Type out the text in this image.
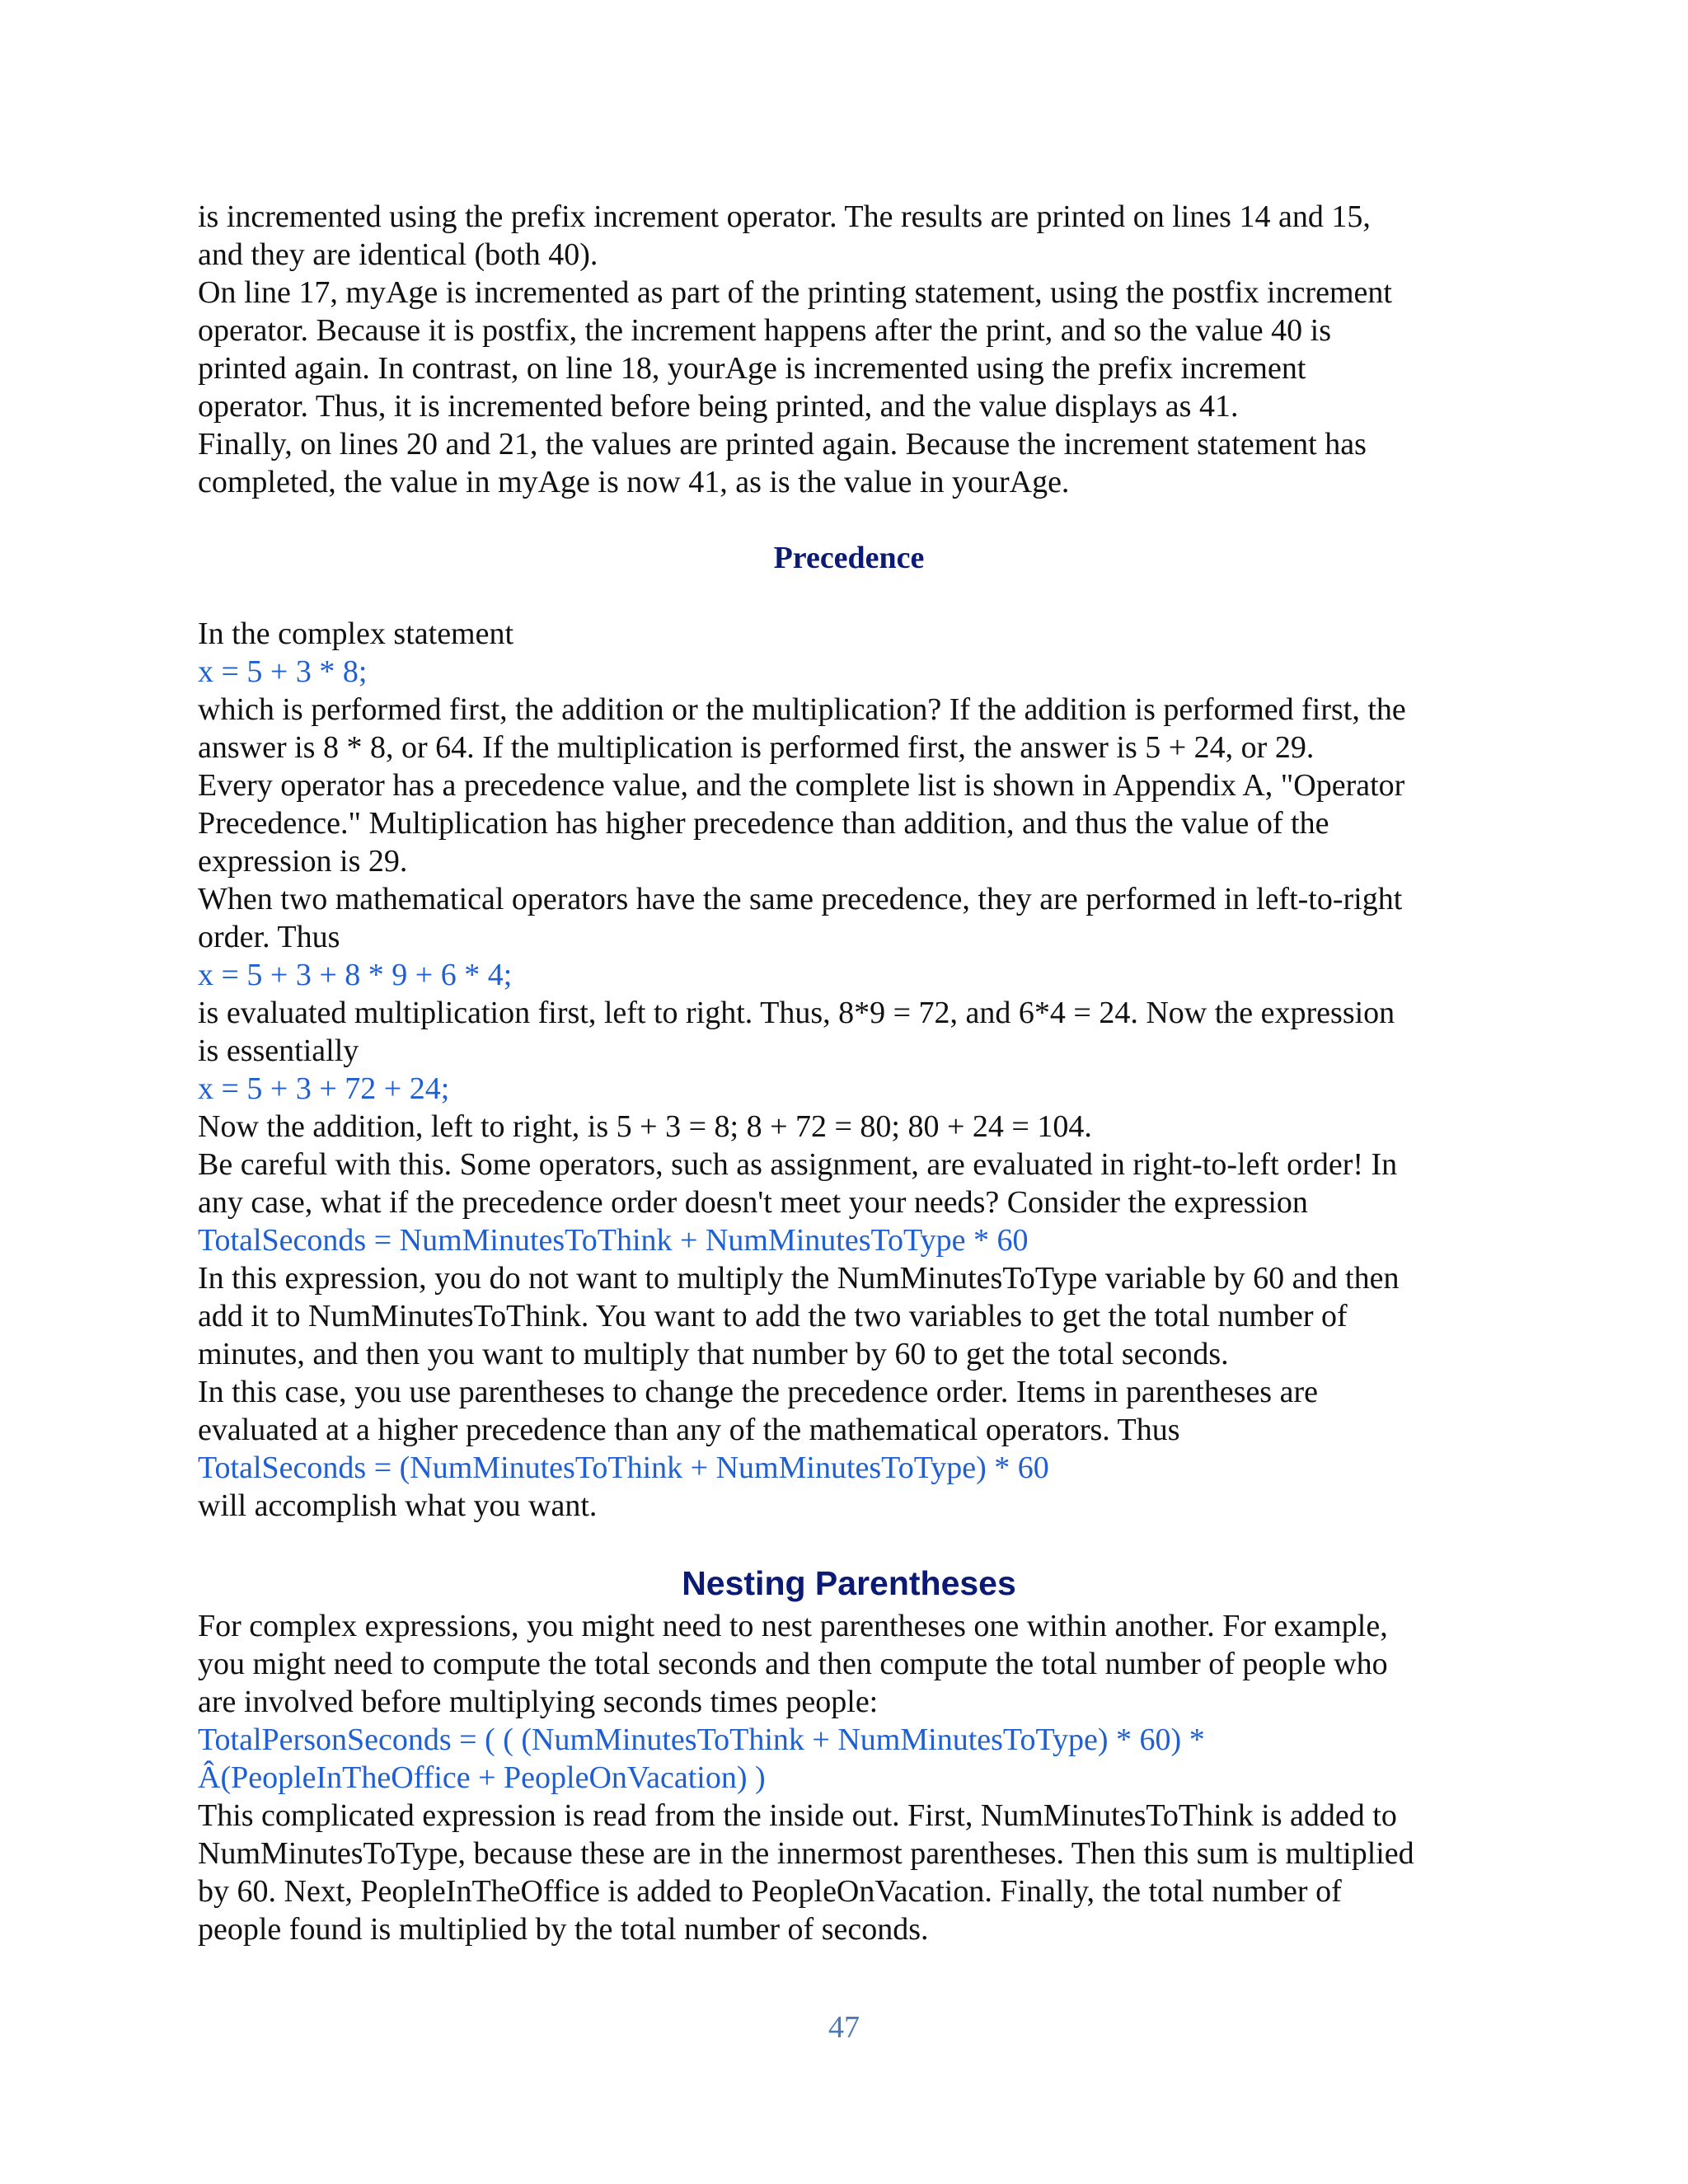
is incremented using the prefix increment operator. The results are printed on lines 14 and 15,
and they are identical (both 40).
On line 17, myAge is incremented as part of the printing statement, using the postfix increment
operator. Because it is postfix, the increment happens after the print, and so the value 40 is
printed again. In contrast, on line 18, yourAge is incremented using the prefix increment
operator. Thus, it is incremented before being printed, and the value displays as 41.
Finally, on lines 20 and 21, the values are printed again. Because the increment statement has
completed, the value in myAge is now 41, as is the value in yourAge.
Precedence
In the complex statement
x = 5 + 3 * 8;
which is performed first, the addition or the multiplication? If the addition is performed first, the
answer is 8 * 8, or 64. If the multiplication is performed first, the answer is 5 + 24, or 29.
Every operator has a precedence value, and the complete list is shown in Appendix A, "Operator
Precedence." Multiplication has higher precedence than addition, and thus the value of the
expression is 29.
When two mathematical operators have the same precedence, they are performed in left-to-right
order. Thus
x = 5 + 3 + 8 * 9 + 6 * 4;
is evaluated multiplication first, left to right. Thus, 8*9 = 72, and 6*4 = 24. Now the expression
is essentially
x = 5 + 3 + 72 + 24;
Now the addition, left to right, is 5 + 3 = 8; 8 + 72 = 80; 80 + 24 = 104.
Be careful with this. Some operators, such as assignment, are evaluated in right-to-left order! In
any case, what if the precedence order doesn't meet your needs? Consider the expression
TotalSeconds = NumMinutesToThink + NumMinutesToType * 60
In this expression, you do not want to multiply the NumMinutesToType variable by 60 and then
add it to NumMinutesToThink. You want to add the two variables to get the total number of
minutes, and then you want to multiply that number by 60 to get the total seconds.
In this case, you use parentheses to change the precedence order. Items in parentheses are
evaluated at a higher precedence than any of the mathematical operators. Thus
TotalSeconds = (NumMinutesToThink + NumMinutesToType) * 60
will accomplish what you want.
Nesting Parentheses
For complex expressions, you might need to nest parentheses one within another. For example,
you might need to compute the total seconds and then compute the total number of people who
are involved before multiplying seconds times people:
TotalPersonSeconds = ( ( (NumMinutesToThink + NumMinutesToType) * 60) *
Â(PeopleInTheOffice + PeopleOnVacation) )
This complicated expression is read from the inside out. First, NumMinutesToThink is added to
NumMinutesToType, because these are in the innermost parentheses. Then this sum is multiplied
by 60. Next, PeopleInTheOffice is added to PeopleOnVacation. Finally, the total number of
people found is multiplied by the total number of seconds.
47
